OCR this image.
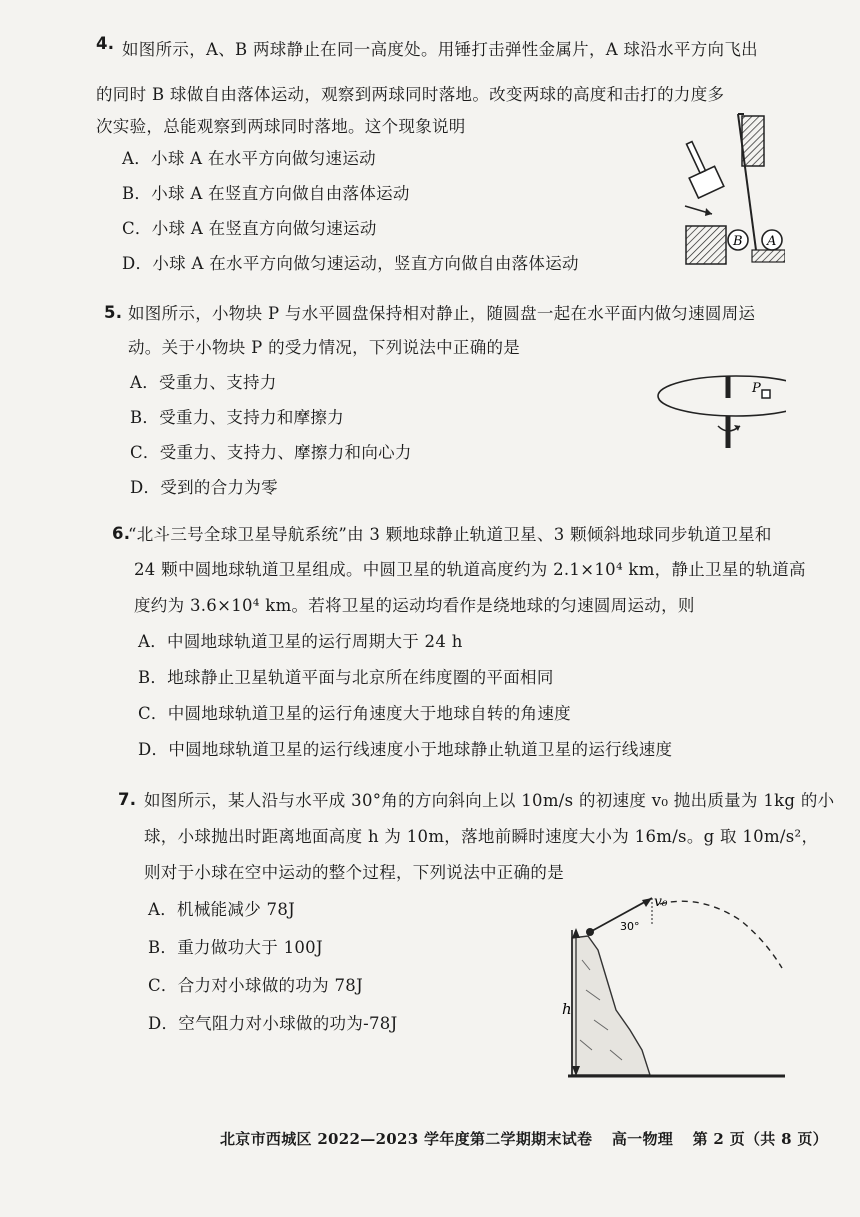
4. 如图所示，A、B 两球静止在同一高度处。用锤打击弹性金属片，A 球沿水平方向飞出
的同时 B 球做自由落体运动，观察到两球同时落地。改变两球的高度和击打的力度多
次实验，总能观察到两球同时落地。这个现象说明
A．小球 A 在水平方向做匀速运动
B．小球 A 在竖直方向做自由落体运动
C．小球 A 在竖直方向做匀速运动
D．小球 A 在水平方向做匀速运动，竖直方向做自由落体运动
B A
5. 如图所示，小物块 P 与水平圆盘保持相对静止，随圆盘一起在水平面内做匀速圆周运
动。关于小物块 P 的受力情况，下列说法中正确的是
A．受重力、支持力
B．受重力、支持力和摩擦力
C．受重力、支持力、摩擦力和向心力
D．受到的合力为零
P
6.
“北斗三号全球卫星导航系统”由 3 颗地球静止轨道卫星、3 颗倾斜地球同步轨道卫星和
24 颗中圆地球轨道卫星组成。中圆卫星的轨道高度约为 2.1×10⁴ km，静止卫星的轨道高
度约为 3.6×10⁴ km。若将卫星的运动均看作是绕地球的匀速圆周运动，则
A．中圆地球轨道卫星的运行周期大于 24 h
B．地球静止卫星轨道平面与北京所在纬度圈的平面相同
C．中圆地球轨道卫星的运行角速度大于地球自转的角速度
D．中圆地球轨道卫星的运行线速度小于地球静止轨道卫星的运行线速度
7. 如图所示，某人沿与水平成 30°角的方向斜向上以 10m/s 的初速度 v₀ 抛出质量为 1kg 的小
球，小球抛出时距离地面高度 h 为 10m，落地前瞬时速度大小为 16m/s。g 取 10m/s²，
则对于小球在空中运动的整个过程，下列说法中正确的是
A．机械能减少 78J
B．重力做功大于 100J
C．合力对小球做的功为 78J
D．空气阻力对小球做的功为-78J
h
30°
v₀
北京市西城区 2022—2023 学年度第二学期期末试卷 高一物理 第 2 页（共 8 页）
